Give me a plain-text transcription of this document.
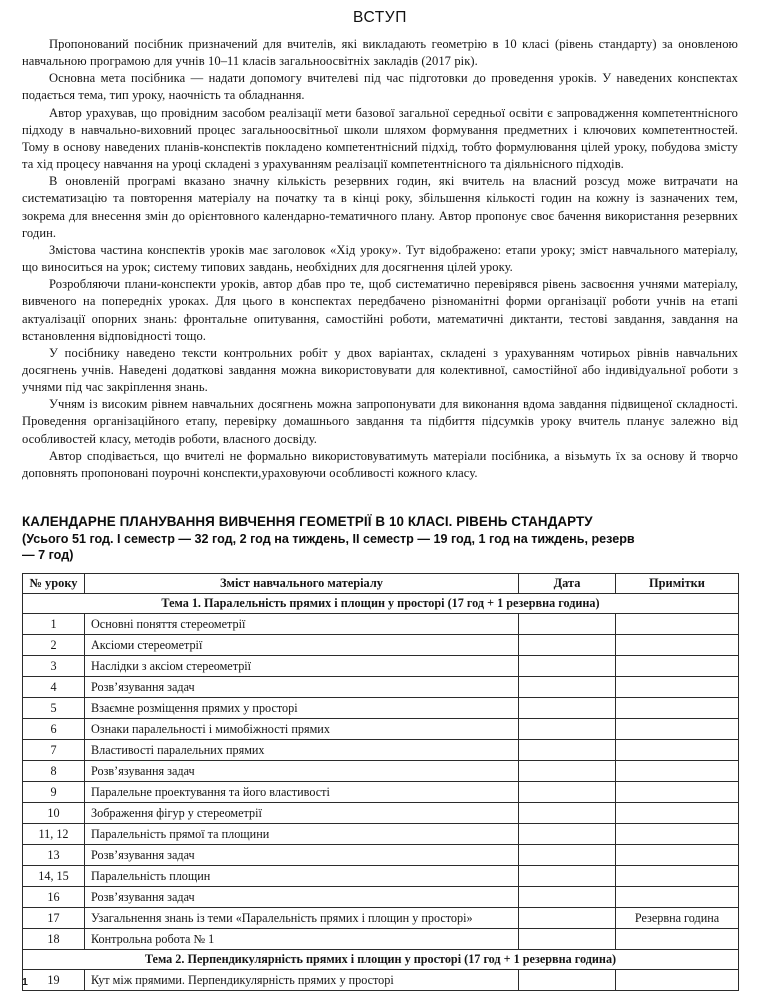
ВСТУП

Пропонований посібник призначений для вчителів, які викладають геометрію в 10 класі (рівень стандарту) за оновленою навчальною програмою для учнів 10–11 класів загальноосвітніх закладів (2017 рік).

Основна мета посібника — надати допомогу вчителеві під час підготовки до проведення уроків. У наведених конспектах подається тема, тип уроку, наочність та обладнання.

Автор урахував, що провідним засобом реалізації мети базової загальної середньої освіти є запровадження компетентнісного підходу в навчально-виховний процес загальноосвітньої школи шляхом формування предметних і ключових компетентностей. Тому в основу наведених планів-конспектів покладено компетентнісний підхід, тобто формулювання цілей уроку, побудова змісту та хід процесу навчання на уроці складені з урахуванням реалізації компетентнісного та діяльнісного підходів.

В оновленій програмі вказано значну кількість резервних годин, які вчитель на власний розсуд може витрачати на систематизацію та повторення матеріалу на початку та в кінці року, збільшення кількості годин на кожну із зазначених тем, зокрема для внесення змін до орієнтовного календарно-тематичного плану. Автор пропонує своє бачення використання резервних годин.

Змістова частина конспектів уроків має заголовок «Хід уроку». Тут відображено: етапи уроку; зміст навчального матеріалу, що виноситься на урок; систему типових завдань, необхідних для досягнення цілей уроку.

Розробляючи плани-конспекти уроків, автор дбав про те, щоб систематично перевірявся рівень засвоєння учнями матеріалу, вивченого на попередніх уроках. Для цього в конспектах передбачено різноманітні форми організації роботи учнів на етапі актуалізації опорних знань: фронтальне опитування, самостійні роботи, математичні диктанти, тестові завдання, завдання на встановлення відповідності тощо.

У посібнику наведено тексти контрольних робіт у двох варіантах, складені з урахуванням чотирьох рівнів навчальних досягнень учнів. Наведені додаткові завдання можна використовувати для колективної, самостійної або індивідуальної роботи з учнями під час закріплення знань.

Учням із високим рівнем навчальних досягнень можна запропонувати для виконання вдома завдання підвищеної складності. Проведення організаційного етапу, перевірку домашнього завдання та підбиття підсумків уроку вчитель планує залежно від особливостей класу, методів роботи, власного досвіду.

Автор сподівається, що вчителі не формально використовуватимуть матеріали посібника, а візьмуть їх за основу й творчо доповнять пропоновані поурочні конспекти,ураховуючи особливості кожного класу.

КАЛЕНДАРНЕ ПЛАНУВАННЯ ВИВЧЕННЯ ГЕОМЕТРІЇ В 10 КЛАСІ. РІВЕНЬ СТАНДАРТУ
(Усього 51 год. I семестр — 32 год, 2 год на тиждень, II семестр — 19 год, 1 год на тиждень, резерв — 7 год)
№ уроку	Зміст навчального матеріалу	Дата	Примітки
Тема 1. Паралельність прямих і площин у просторі (17 год + 1 резервна година)			
1	Основні поняття стереометрії		
2	Аксіоми стереометрії		
3	Наслідки з аксіом стереометрії		
4	Розв’язування задач		
5	Взаємне розміщення прямих у просторі		
6	Ознаки паралельності і мимобіжності прямих		
7	Властивості паралельних прямих		
8	Розв’язування задач		
9	Паралельне проектування та його властивості		
10	Зображення фігур у стереометрії		
11, 12	Паралельність прямої та площини		
13	Розв’язування задач		
14, 15	Паралельність площин		
16	Розв’язування задач		
17	Узагальнення знань із теми «Паралельність прямих і площин у просторі»		Резервна година
18	Контрольна робота № 1		
Тема 2. Перпендикулярність прямих і площин у просторі (17 год + 1 резервна година)			
19	Кут між прямими. Перпендикулярність прямих у просторі		
1
